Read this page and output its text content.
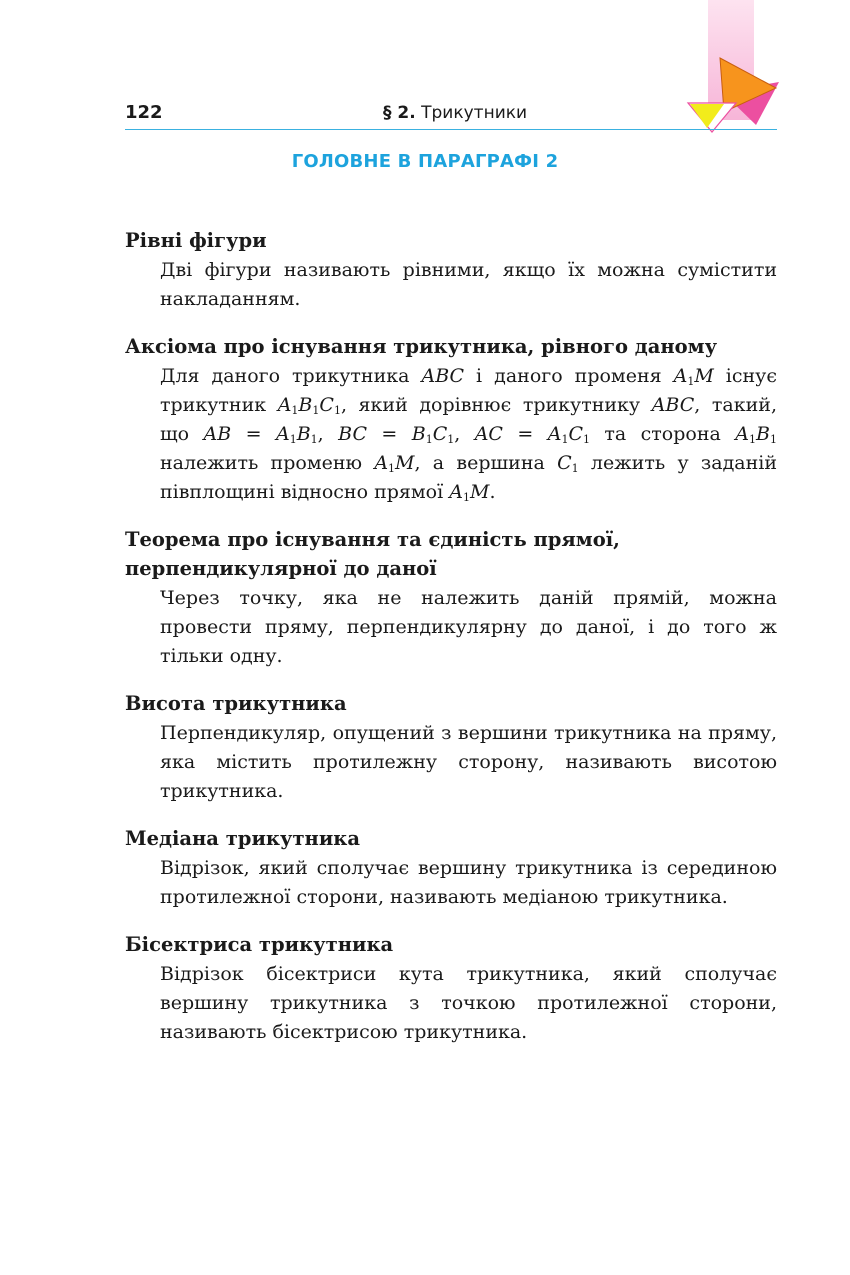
122	§ 2. Трикутники
ГОЛОВНЕ В ПАРАГРАФІ 2
Рівні фігури
Дві фігури називають рівними, якщо їх можна сумістити накладанням.
Аксіома про існування трикутника, рівного даному
Для даного трикутника ABC і даного променя $A_1M$ існує трикутник $A_1B_1C_1$, який дорівнює трикутнику ABC, такий, що AB = $A_1B_1$, BC = $B_1C_1$, AC = $A_1C_1$ та сторона $A_1B_1$ належить променю $A_1M$, а вершина $C_1$ лежить у заданій півплощині відносно прямої $A_1M$.
Теорема про існування та єдиність прямої, перпендикулярної до даної
Через точку, яка не належить даній прямій, можна провести пряму, перпендикулярну до даної, і до того ж тільки одну.
Висота трикутника
Перпендикуляр, опущений з вершини трикутника на пряму, яка містить протилежну сторону, називають висотою трикутника.
Медіана трикутника
Відрізок, який сполучає вершину трикутника із серединою протилежної сторони, називають медіаною трикутника.
Бісектриса трикутника
Відрізок бісектриси кута трикутника, який сполучає вершину трикутника з точкою протилежної сторони, називають бісектрисою трикутника.
